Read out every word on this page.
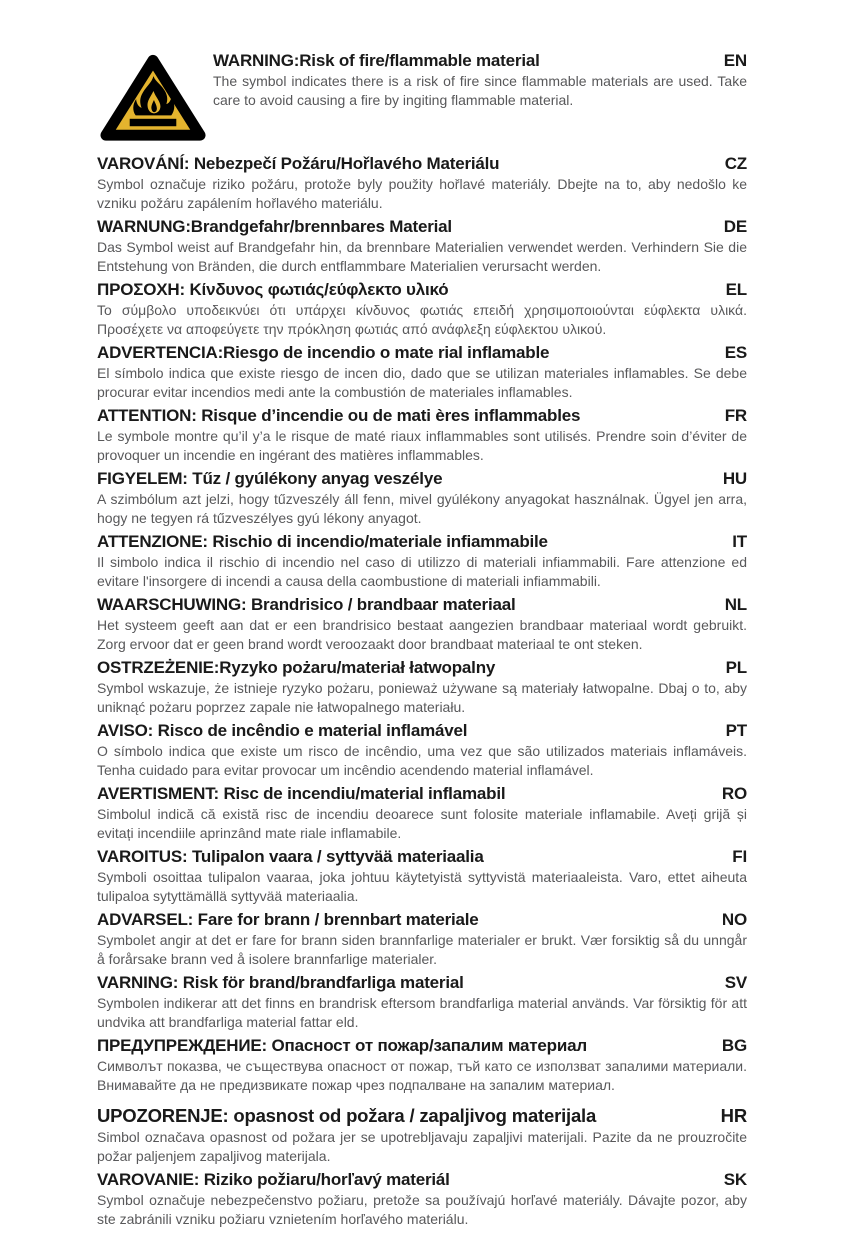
WARNING:Risk of fire/flammable material	EN

The symbol indicates there is a risk of fire since flammable materials are used. Take care to avoid causing a fire by ingiting flammable material.

VAROVÁNÍ: Nebezpečí Požáru/Hořlavého Materiálu	CZ

Symbol označuje riziko požáru, protože byly použity hořlavé materiály. Dbejte na to, aby nedošlo ke vzniku požáru zapálením hořlavého materiálu.

WARNUNG:Brandgefahr/brennbares Material	DE

Das Symbol weist auf Brandgefahr hin, da brennbare Materialien verwendet werden. Verhindern Sie die Entstehung von Bränden, die durch entflammbare Materialien verursacht werden.

ΠΡΟΣΟΧΗ: Κίνδυνος φωτιάς/εύφλεκτο υλικό	EL

Το σύμβολο υποδεικνύει ότι υπάρχει κίνδυνος φωτιάς επειδή χρησιμοποιούνται εύφλεκτα υλικά. Προσέχετε να αποφεύγετε την πρόκληση φωτιάς από ανάφλεξη εύφλεκτου υλικού.

ADVERTENCIA:Riesgo de incendio o mate rial inflamable	ES

El símbolo indica que existe riesgo de incen dio, dado que se utilizan materiales inflamables. Se debe procurar evitar incendios medi ante la combustión de materiales inflamables.

ATTENTION: Risque d’incendie ou de mati ères inflammables	FR

Le symbole montre qu’il y’a le risque de maté riaux inflammables sont utilisés. Prendre soin d’éviter de provoquer un incendie en ingérant des matières inflammables.

FIGYELEM: Tűz / gyúlékony anyag veszélye	HU

A szimbólum azt jelzi, hogy tűzveszély áll fenn, mivel gyúlékony anyagokat használnak. Ügyel jen arra, hogy ne tegyen rá tűzveszélyes gyú lékony anyagot.

ATTENZIONE: Rischio di incendio/materiale infiammabile	IT

Il simbolo indica il rischio di incendio nel caso di utilizzo di materiali infiammabili. Fare attenzione ed evitare l'insorgere di incendi a causa della caombustione di materiali infiammabili.

WAARSCHUWING: Brandrisico / brandbaar materiaal	NL

Het systeem geeft aan dat er een brandrisico bestaat aangezien brandbaar materiaal wordt gebruikt. Zorg ervoor dat er geen brand wordt veroozaakt door brandbaat materiaal te ont steken.

OSTRZEŻENIE:Ryzyko pożaru/materiał łatwopalny	PL

Symbol wskazuje, że istnieje ryzyko pożaru, ponieważ używane są materiały łatwopalne. Dbaj o to, aby uniknąć pożaru poprzez zapale nie łatwopalnego materiału.

AVISO: Risco de incêndio e material inflamável	PT

O símbolo indica que existe um risco de incêndio, uma vez que são utilizados materiais inflamáveis. Tenha cuidado para evitar provocar um incêndio acendendo material inflamável.

AVERTISMENT: Risc de incendiu/material inflamabil	RO

Simbolul indică că există risc de incendiu deoarece sunt folosite materiale inflamabile. Aveți grijă și evitați incendiile aprinzând mate riale inflamabile.

VAROITUS: Tulipalon vaara / syttyvää materiaalia	FI

Symboli osoittaa tulipalon vaaraa, joka johtuu käytetyistä syttyvistä materiaaleista. Varo, ettet aiheuta tulipaloa sytyttämällä syttyvää materiaalia.

ADVARSEL: Fare for brann / brennbart materiale	NO

Symbolet angir at det er fare for brann siden brannfarlige materialer er brukt. Vær forsiktig så du unngår å forårsake brann ved å isolere brannfarlige materialer.

VARNING: Risk för brand/brandfarliga material	SV

Symbolen indikerar att det finns en brandrisk eftersom brandfarliga material används. Var försiktig för att undvika att brandfarliga material fattar eld.

ПРЕДУПРЕЖДЕНИЕ: Опасност от пожар/запалим материал	BG

Символът показва, че съществува опасност от пожар, тъй като се използват запалими материали. Внимавайте да не предизвикате пожар чрез подпалване на запалим материал.

UPOZORENJE: opasnost od požara / zapaljivog materijala	HR

Simbol označava opasnost od požara jer se upotrebljavaju zapaljivi materijali. Pazite da ne prouzročite požar paljenjem zapaljivog materijala.

VAROVANIE: Riziko požiaru/horľavý materiál	SK

Symbol označuje nebezpečenstvo požiaru, pretože sa používajú horľavé materiály. Dávajte pozor, aby ste zabránili vzniku požiaru vznietením horľavého materiálu.
